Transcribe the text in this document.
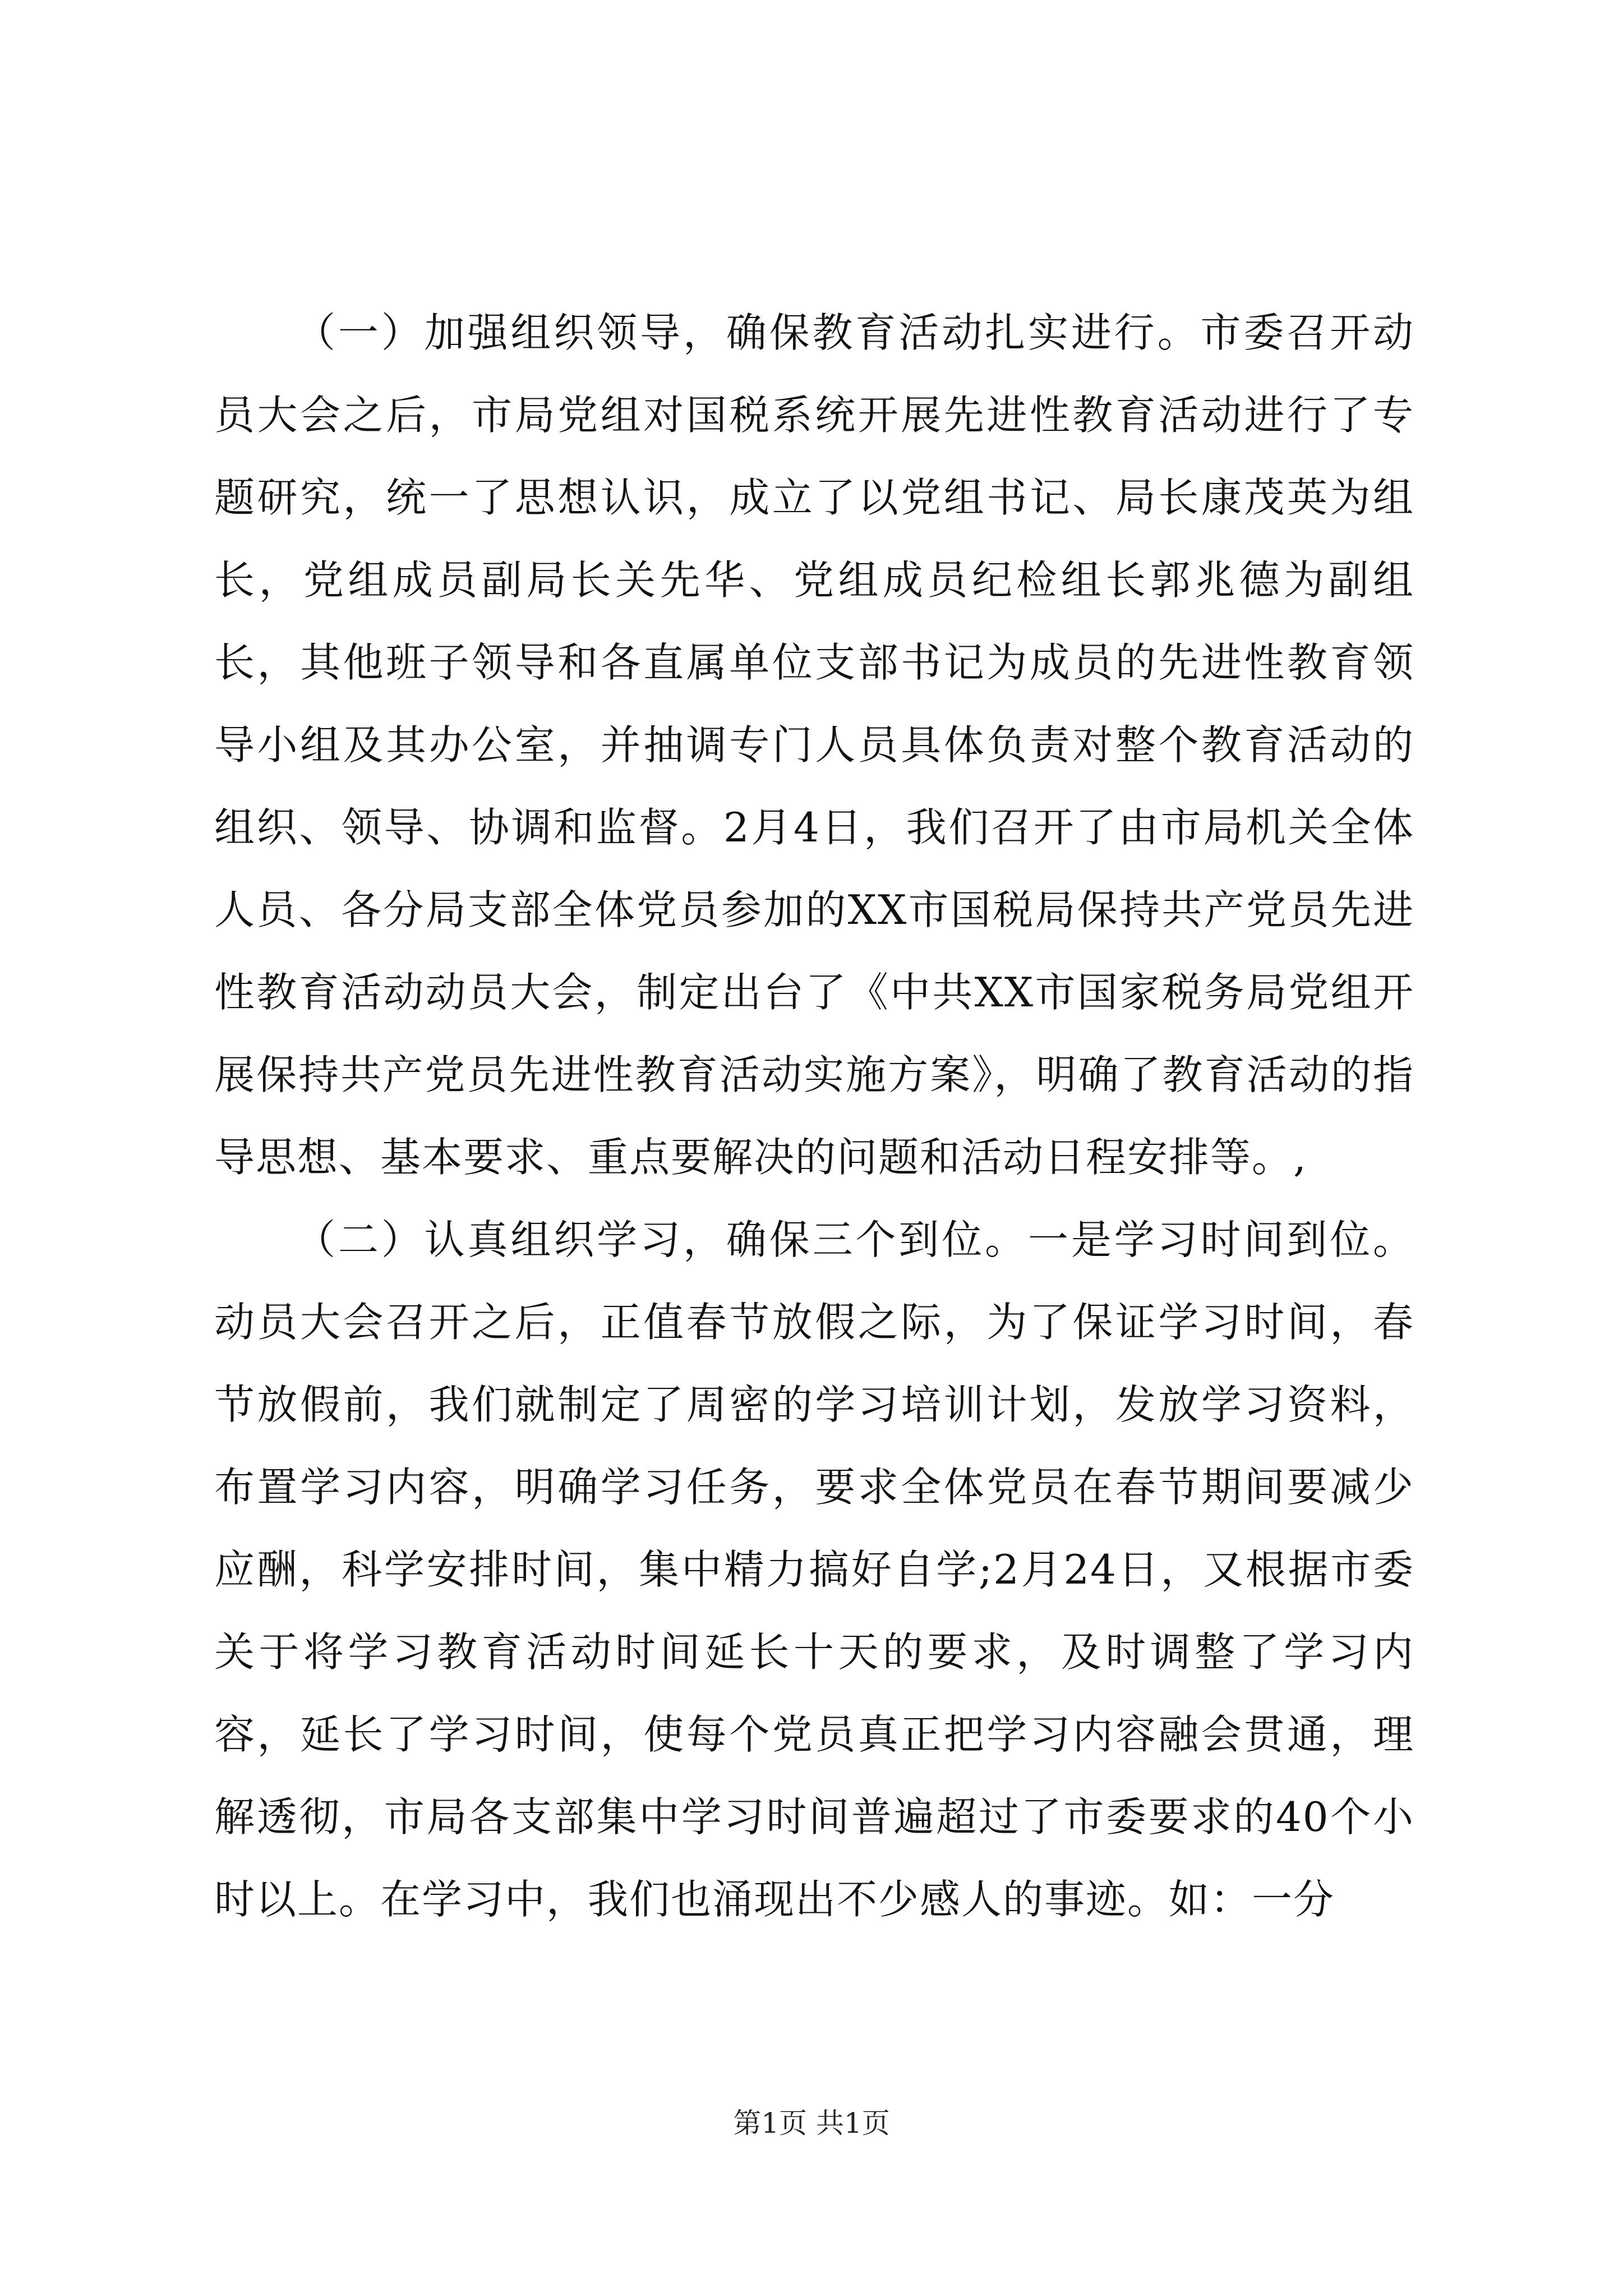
（一）加强组织领导，确保教育活动扎实进行。市委召开动员大会之后，市局党组对国税系统开展先进性教育活动进行了专题研究，统一了思想认识，成立了以党组书记、局长康茂英为组长，党组成员副局长关先华、党组成员纪检组长郭兆德为副组长，其他班子领导和各直属单位支部书记为成员的先进性教育领导小组及其办公室，并抽调专门人员具体负责对整个教育活动的组织、领导、协调和监督。2月4日，我们召开了由市局机关全体人员、各分局支部全体党员参加的XX市国税局保持共产党员先进性教育活动动员大会，制定出台了《中共XX市国家税务局党组开展保持共产党员先进性教育活动实施方案》，明确了教育活动的指导思想、基本要求、重点要解决的问题和活动日程安排等。,

（二）认真组织学习，确保三个到位。一是学习时间到位。动员大会召开之后，正值春节放假之际，为了保证学习时间，春节放假前，我们就制定了周密的学习培训计划，发放学习资料，布置学习内容，明确学习任务，要求全体党员在春节期间要减少应酬，科学安排时间，集中精力搞好自学;2月24日，又根据市委关于将学习教育活动时间延长十天的要求，及时调整了学习内容，延长了学习时间，使每个党员真正把学习内容融会贯通，理解透彻，市局各支部集中学习时间普遍超过了市委要求的40个小时以上。在学习中，我们也涌现出不少感人的事迹。如：一分

第1页 共1页
